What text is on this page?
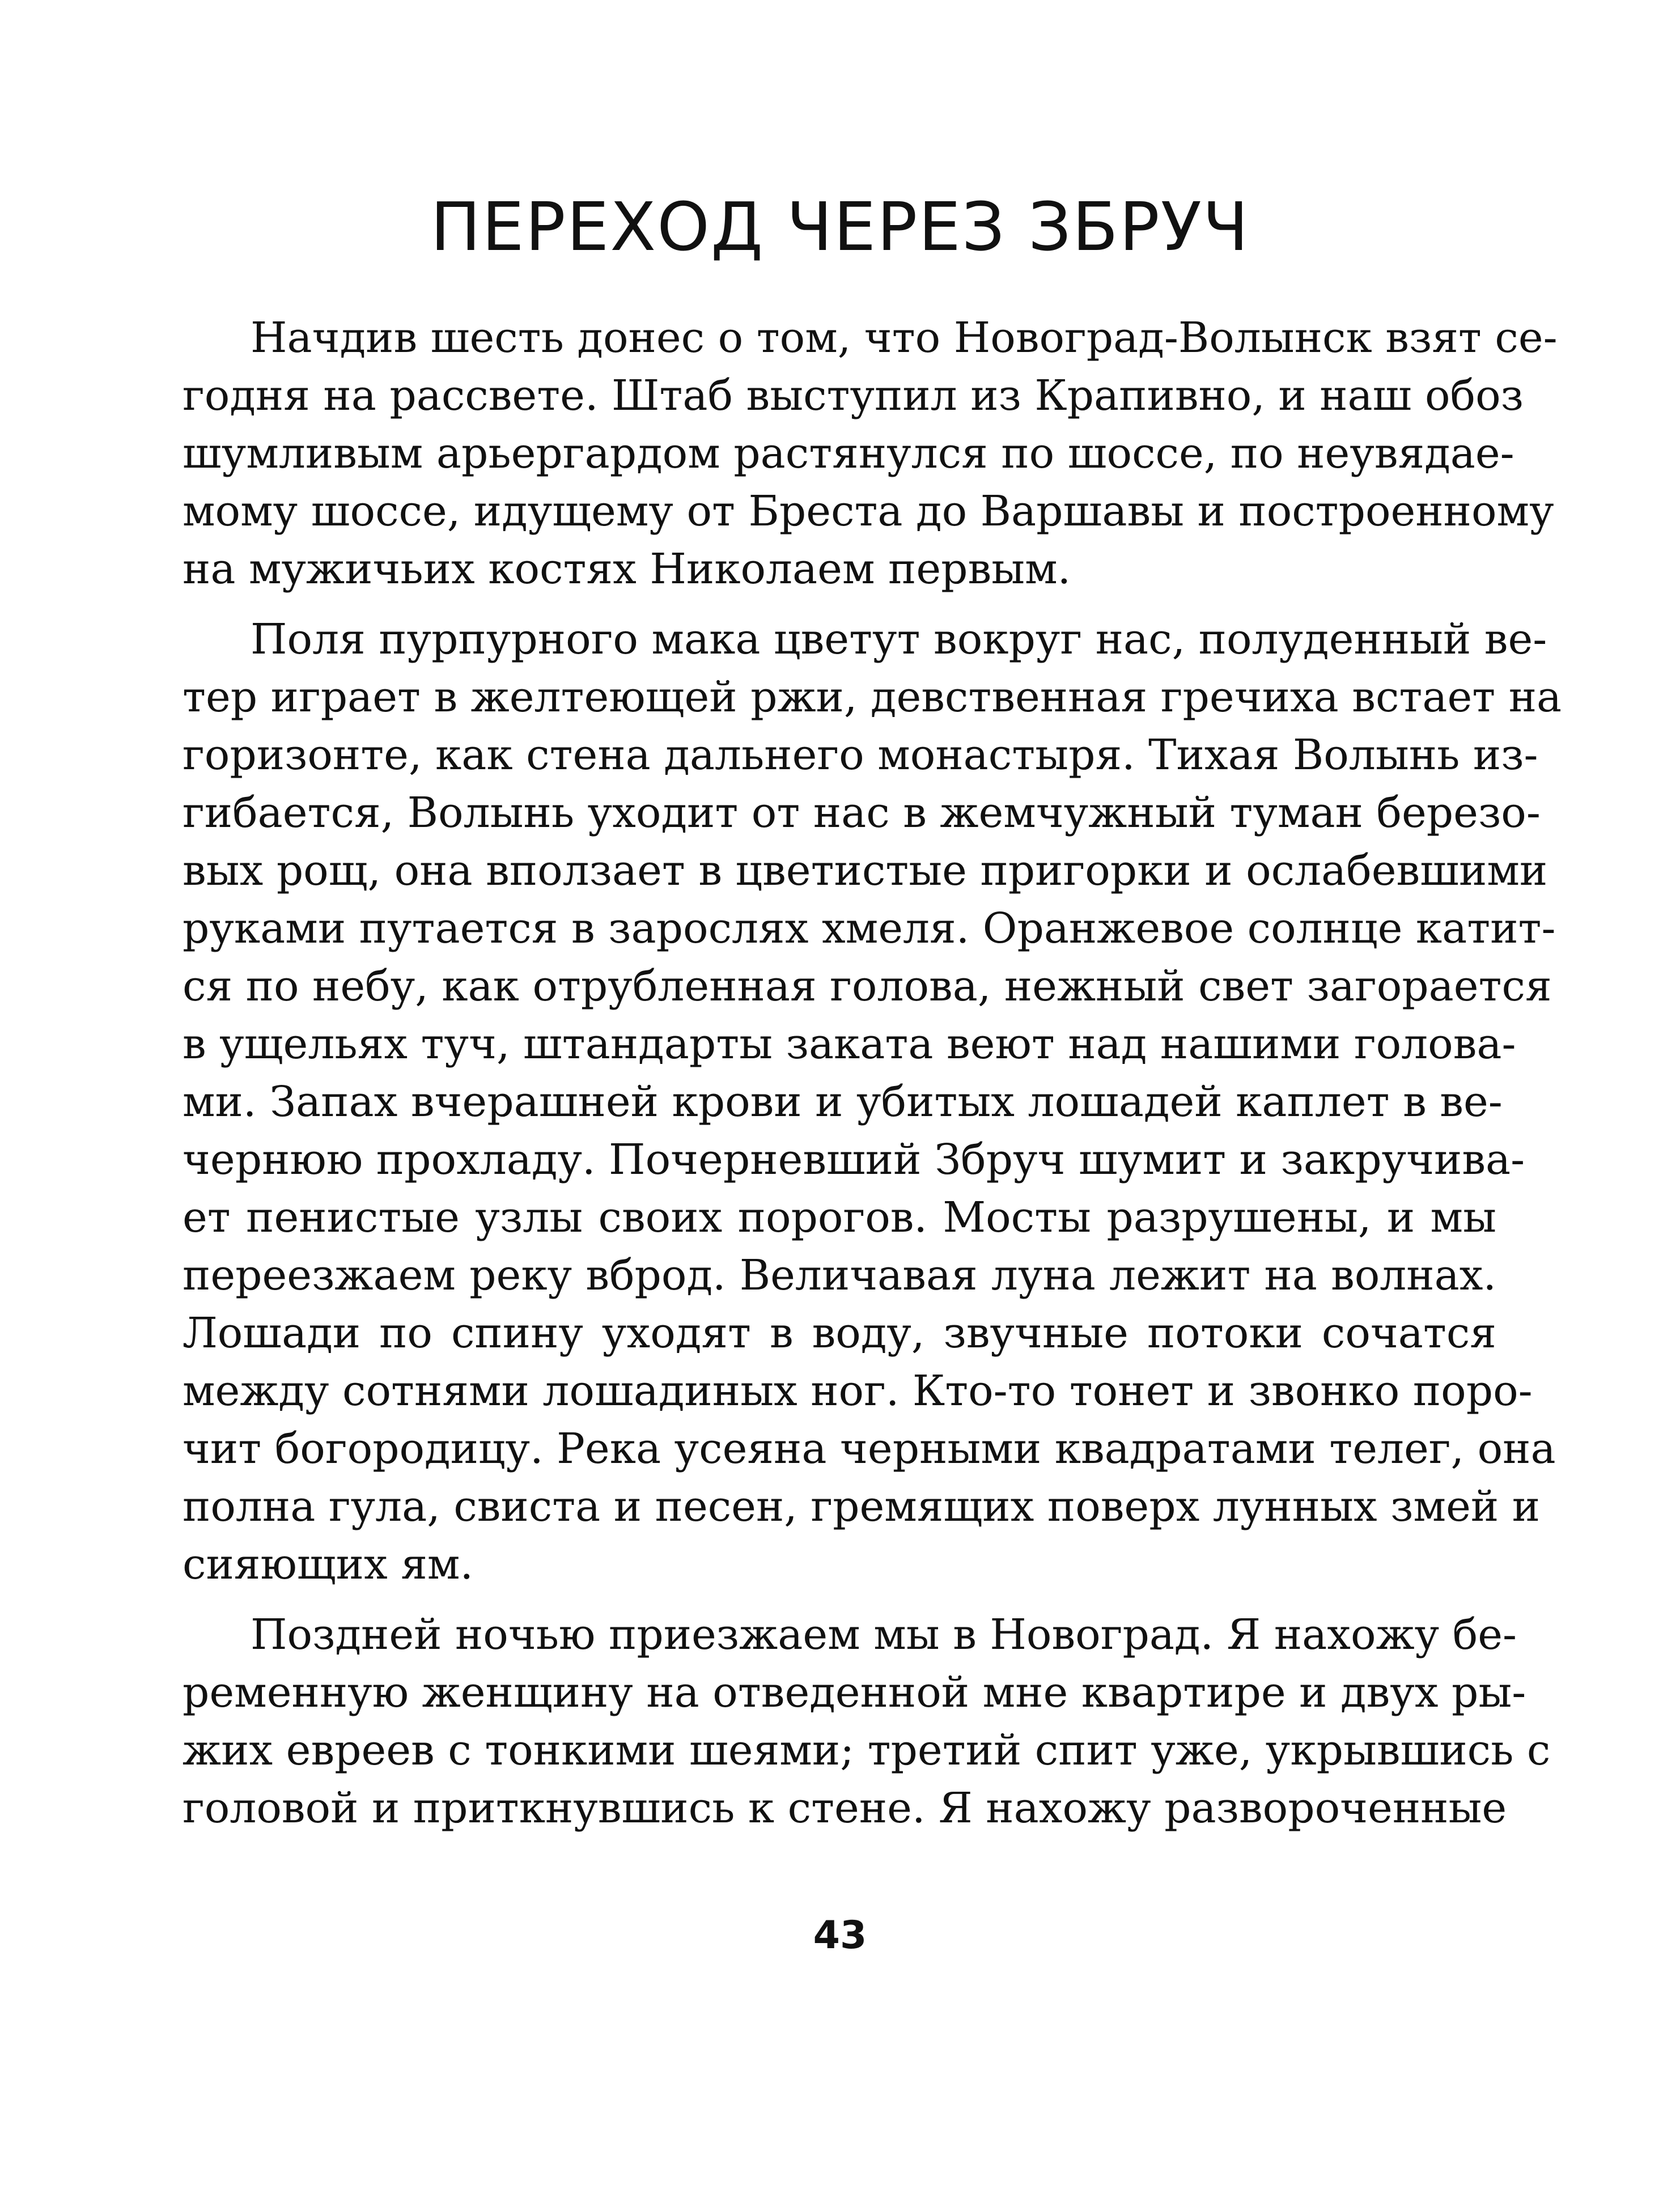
ПЕРЕХОД ЧЕРЕЗ ЗБРУЧ

Начдив шесть донес о том, что Новоград-Волынск взят се-
годня на рассвете. Штаб выступил из Крапивно, и наш обоз
шумливым арьергардом растянулся по шоссе, по неувядае-
мому шоссе, идущему от Бреста до Варшавы и построенному
на мужичьих костях Николаем первым.

Поля пурпурного мака цветут вокруг нас, полуденный ве-
тер играет в желтеющей ржи, девственная гречиха встает на
горизонте, как стена дальнего монастыря. Тихая Волынь из-
гибается, Волынь уходит от нас в жемчужный туман березо-
вых рощ, она вползает в цветистые пригорки и ослабевшими
руками путается в зарослях хмеля. Оранжевое солнце катит-
ся по небу, как отрубленная голова, нежный свет загорается
в ущельях туч, штандарты заката веют над нашими голова-
ми. Запах вчерашней крови и убитых лошадей каплет в ве-
чернюю прохладу. Почерневший Збруч шумит и закручива-
ет пенистые узлы своих порогов. Мосты разрушены, и мы
переезжаем реку вброд. Величавая луна лежит на волнах.
Лошади по спину уходят в воду, звучные потоки сочатся
между сотнями лошадиных ног. Кто-то тонет и звонко поро-
чит богородицу. Река усеяна черными квадратами телег, она
полна гула, свиста и песен, гремящих поверх лунных змей и
сияющих ям.

Поздней ночью приезжаем мы в Новоград. Я нахожу бе-
ременную женщину на отведенной мне квартире и двух ры-
жих евреев с тонкими шеями; третий спит уже, укрывшись с
головой и приткнувшись к стене. Я нахожу развороченные

43
